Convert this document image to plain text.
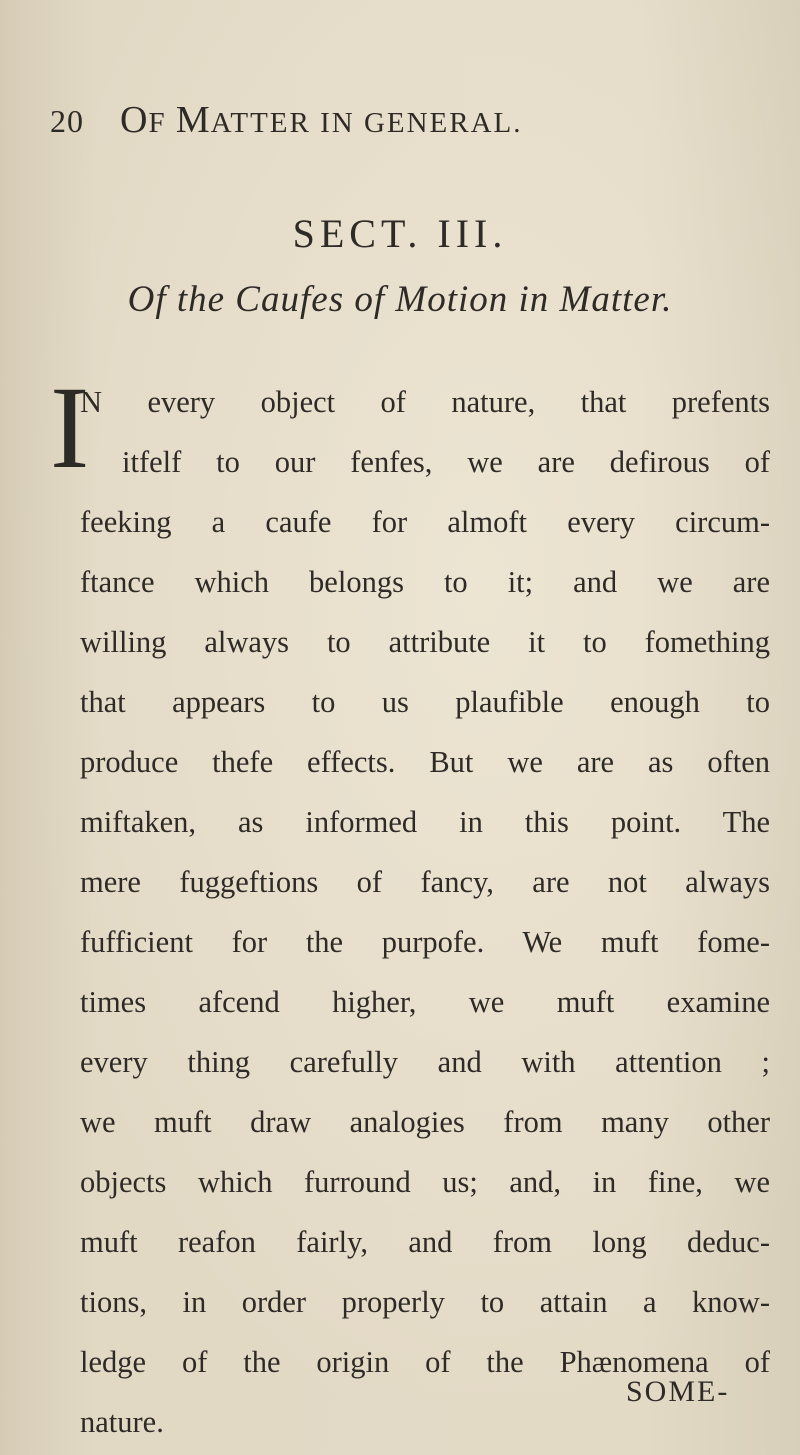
20 OF MATTER IN GENERAL.
SECT. III.
Of the Caufes of Motion in Matter.
I
N every object of nature, that prefents
itfelf to our fenfes, we are defirous of
feeking a caufe for almoft every circum-
ftance which belongs to it; and we are
willing always to attribute it to fomething
that appears to us plaufible enough to
produce thefe effects. But we are as often
miftaken, as informed in this point. The
mere fuggeftions of fancy, are not always
fufficient for the purpofe. We muft fome-
times afcend higher, we muft examine
every thing carefully and with attention ;
we muft draw analogies from many other
objects which furround us; and, in fine, we
muft reafon fairly, and from long deduc-
tions, in order properly to attain a know-
ledge of the origin of the Phænomena of
nature.
SOME-
